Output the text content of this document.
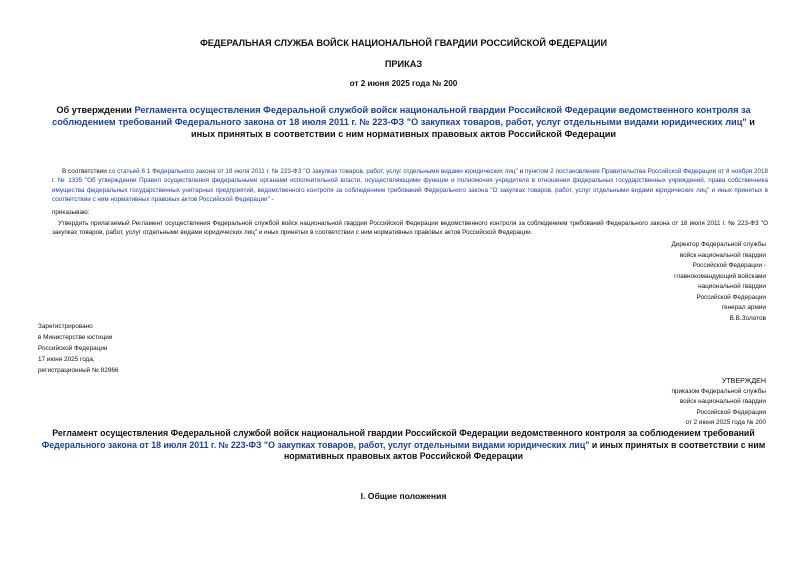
ФЕДЕРАЛЬНАЯ СЛУЖБА ВОЙСК НАЦИОНАЛЬНОЙ ГВАРДИИ РОССИЙСКОЙ ФЕДЕРАЦИИ
ПРИКАЗ
от 2 июня 2025 года № 200
Об утверждении Регламента осуществления Федеральной службой войск национальной гвардии Российской Федерации ведомственного контроля за соблюдением требований Федерального закона от 18 июля 2011 г. № 223-ФЗ "О закупках товаров, работ, услуг отдельными видами юридических лиц" и иных принятых в соответствии с ним нормативных правовых актов Российской Федерации
В соответствии со статьей 6 1 Федерального закона от 18 июля 2011 г. № 223-ФЗ "О закупках товаров, работ, услуг отдельными видами юридических лиц" и пунктом 2 постановления Правительства Российской Федерации от 8 ноября 2018 г. № 1335 "Об утверждении Правил осуществления федеральными органами исполнительной власти, осуществляющими функции и полномочия учредителя в отношении федеральных государственных учреждений, права собственника имущества федеральных государственных унитарных предприятий, ведомственного контроля за соблюдением требований Федерального закона "О закупках товаров, работ, услуг отдельными видами юридических лиц" и иных принятых в соответствии с ним нормативных правовых актов Российской Федерации" -
приказываю:
Утвердить прилагаемый Регламент осуществления Федеральной службой войск национальной гвардии Российской Федерации ведомственного контроля за соблюдением требований Федерального закона от 18 июля 2011 г. № 223-ФЗ "О закупках товаров, работ, услуг отдельными видами юридических лиц" и иных принятых в соответствии с ним нормативных правовых актов Российской Федерации.
Директор Федеральной службы
войск национальной гвардии
Российской Федерации -
главнокомандующий войсками
национальной гвардии
Российской Федерации
генерал армии
В.В.Золотов
Зарегистрировано
в Министерстве юстиции
Российской Федерации
17 июня 2025 года,
регистрационный № 82966
УТВЕРЖДЕН
приказом Федеральной службы
войск национальной гвардии
Российской Федерации
от 2 июня 2025 года № 200
Регламент осуществления Федеральной службой войск национальной гвардии Российской Федерации ведомственного контроля за соблюдением требований Федерального закона от 18 июля 2011 г. № 223-ФЗ "О закупках товаров, работ, услуг отдельными видами юридических лиц" и иных принятых в соответствии с ним нормативных правовых актов Российской Федерации
I. Общие положения
